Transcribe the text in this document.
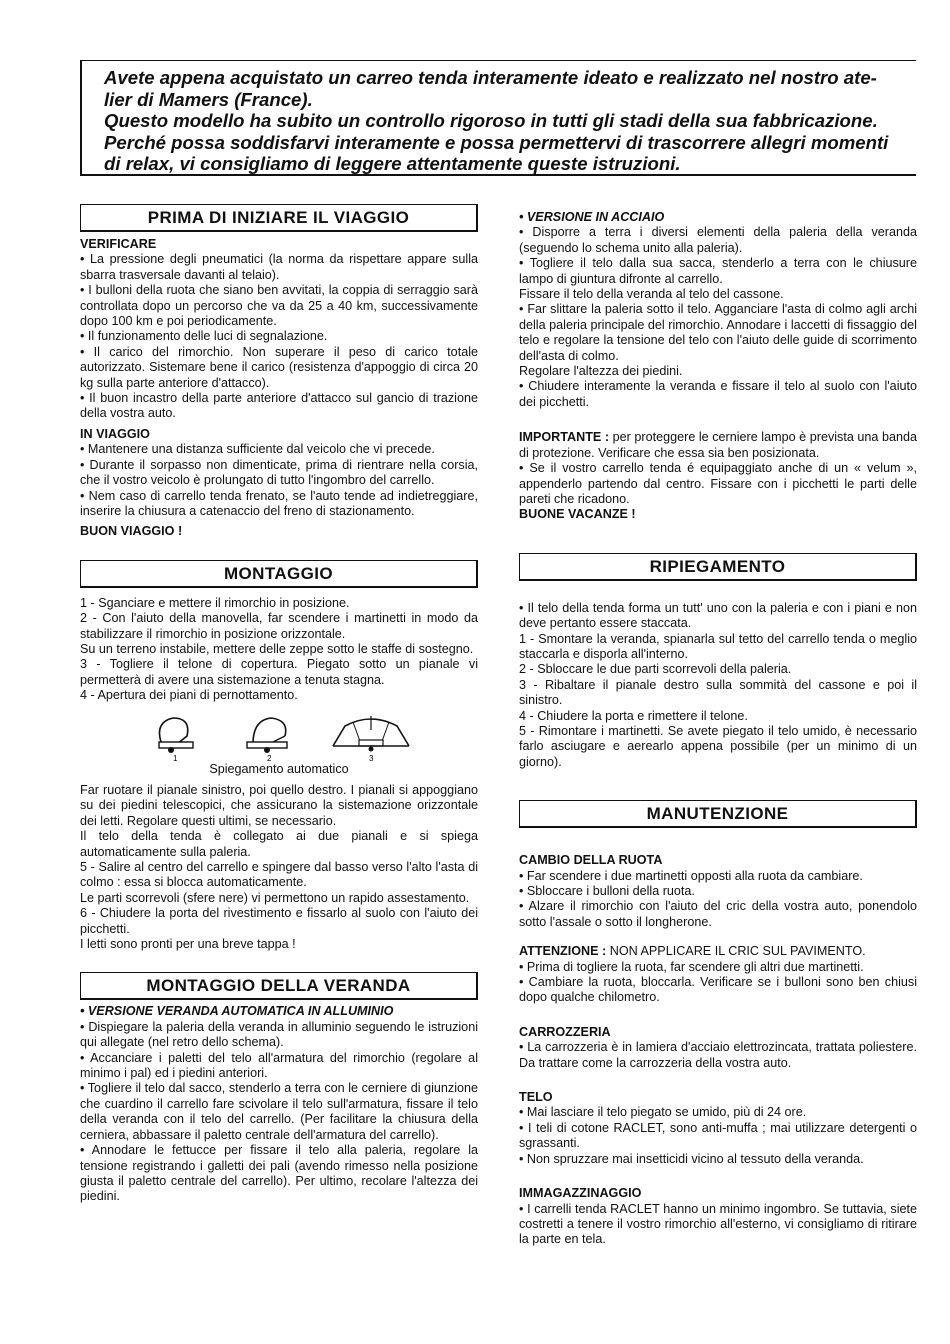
Avete appena acquistato un carreo tenda interamente ideato e realizzato nel nostro ate-

lier di Mamers (France).

Questo modello ha subito un controllo rigoroso in tutti gli stadi della sua fabbricazione.

Perché possa soddisfarvi interamente e possa permettervi di trascorrere allegri momenti

di relax, vi consigliamo di leggere attentamente queste istruzioni.

PRIMA DI INIZIARE IL VIAGGIO
VERIFICARE

• La pressione degli pneumatici (la norma da rispettare appare sulla sbarra trasversale davanti al telaio).

• I bulloni della ruota che siano ben avvitati, la coppia di serraggio sarà controllata dopo un percorso che va da 25 a 40 km, successivamente dopo 100 km e poi periodicamente.

• Il funzionamento delle luci di segnalazione.

• Il carico del rimorchio. Non superare il peso di carico totale autorizzato. Sistemare bene il carico (resistenza d'appoggio di circa 20 kg sulla parte anteriore d'attacco).

• Il buon incastro della parte anteriore d'attacco sul gancio di trazione della vostra auto.

IN VIAGGIO

• Mantenere una distanza sufficiente dal veicolo che vi precede.

• Durante il sorpasso non dimenticate, prima di rientrare nella corsia, che il vostro veicolo è prolungato di tutto l'ingombro del carrello.

• Nem caso di carrello tenda frenato, se l'auto tende ad indietreggiare, inserire la chiusura a catenaccio del freno di stazionamento.

BUON VIAGGIO !
MONTAGGIO

1 - Sganciare e mettere il rimorchio in posizione.

2 - Con l'aiuto della manovella, far scendere i martinetti in modo da stabilizzare il rimorchio in posizione orizzontale.

Su un terreno instabile, mettere delle zeppe sotto le staffe di sostegno.

3 - Togliere il telone di copertura. Piegato sotto un pianale vi permetterà di avere una sistemazione a tenuta stagna.

4 - Apertura dei piani di pernottamento.

1	2	3
Spiegamento automatico

Far ruotare il pianale sinistro, poi quello destro. I pianali si appoggiano su dei piedini telescopici, che assicurano la sistemazione orizzontale dei letti. Regolare questi ultimi, se necessario.

Il telo della tenda è collegato ai due pianali e si spiega automaticamente sulla paleria.

5 - Salire al centro del carrello e spingere dal basso verso l'alto l'asta di colmo : essa si blocca automaticamente.

Le parti scorrevoli (sfere nere) vi permettono un rapido assestamento.

6 - Chiudere la porta del rivestimento e fissarlo al suolo con l'aiuto dei picchetti.

I letti sono pronti per una breve tappa !

MONTAGGIO DELLA VERANDA
• VERSIONE VERANDA AUTOMATICA IN ALLUMINIO

• Dispiegare la paleria della veranda in alluminio seguendo le istruzioni qui allegate (nel retro dello schema).

• Accanciare i paletti del telo all'armatura del rimorchio (regolare al minimo i pal) ed i piedini anteriori.

• Togliere il telo dal sacco, stenderlo a terra con le cerniere di giunzione che cuardino il carrello fare scivolare il telo sull'armatura, fissare il telo della veranda con il telo del carrello. (Per facilitare la chiusura della cerniera, abbassare il paletto centrale dell'armatura del carrello).

• Annodare le fettucce per fissare il telo alla paleria, regolare la tensione registrando i galletti dei pali (avendo rimesso nella posizione giusta il paletto centrale del carrello). Per ultimo, recolare l'altezza dei piedini.

• VERSIONE IN ACCIAIO

• Disporre a terra i diversi elementi della paleria della veranda (seguendo lo schema unito alla paleria).

• Togliere il telo dalla sua sacca, stenderlo a terra con le chiusure lampo di giuntura difronte al carrello.

Fissare il telo della veranda al telo del cassone.

• Far slittare la paleria sotto il telo. Agganciare l'asta di colmo agli archi della paleria principale del rimorchio. Annodare i laccetti di fissaggio del telo e regolare la tensione del telo con l'aiuto delle guide di scorrimento dell'asta di colmo.

Regolare l'altezza dei piedini.

• Chiudere interamente la veranda e fissare il telo al suolo con l'aiuto dei picchetti.

IMPORTANTE : per proteggere le cerniere lampo è prevista una banda di protezione. Verificare che essa sia ben posizionata.

• Se il vostro carrello tenda é equipaggiato anche di un « velum », appenderlo partendo dal centro. Fissare con i picchetti le parti delle pareti che ricadono.

BUONE VACANZE !
RIPIEGAMENTO

• Il telo della tenda forma un tutt' uno con la paleria e con i piani e non deve pertanto essere staccata.

1 - Smontare la veranda, spianarla sul tetto del carrello tenda o meglio staccarla e disporla all'interno.

2 - Sbloccare le due parti scorrevoli della paleria.

3 - Ribaltare il pianale destro sulla sommità del cassone e poi il sinistro.

4 - Chiudere la porta e rimettere il telone.

5 - Rimontare i martinetti. Se avete piegato il telo umido, è necessario farlo asciugare e aerearlo appena possibile (per un minimo di un giorno).

MANUTENZIONE
CAMBIO DELLA RUOTA

• Far scendere i due martinetti opposti alla ruota da cambiare.

• Sbloccare i bulloni della ruota.

• Alzare il rimorchio con l'aiuto del cric della vostra auto, ponendolo sotto l'assale o sotto il longherone.

ATTENZIONE : NON APPLICARE IL CRIC SUL PAVIMENTO.

• Prima di togliere la ruota, far scendere gli altri due martinetti.

• Cambiare la ruota, bloccarla. Verificare se i bulloni sono ben chiusi dopo qualche chilometro.

CARROZZERIA

• La carrozzeria è in lamiera d'acciaio elettrozincata, trattata poliestere. Da trattare come la carrozzeria della vostra auto.

TELO

• Mai lasciare il telo piegato se umido, più di 24 ore.

• I teli di cotone RACLET, sono anti-muffa ; mai utilizzare detergenti o sgrassanti.

• Non spruzzare mai insetticidi vicino al tessuto della veranda.

IMMAGAZZINAGGIO

• I carrelli tenda RACLET hanno un minimo ingombro. Se tuttavia, siete costretti a tenere il vostro rimorchio all'esterno, vi consigliamo di ritirare la parte en tela.
